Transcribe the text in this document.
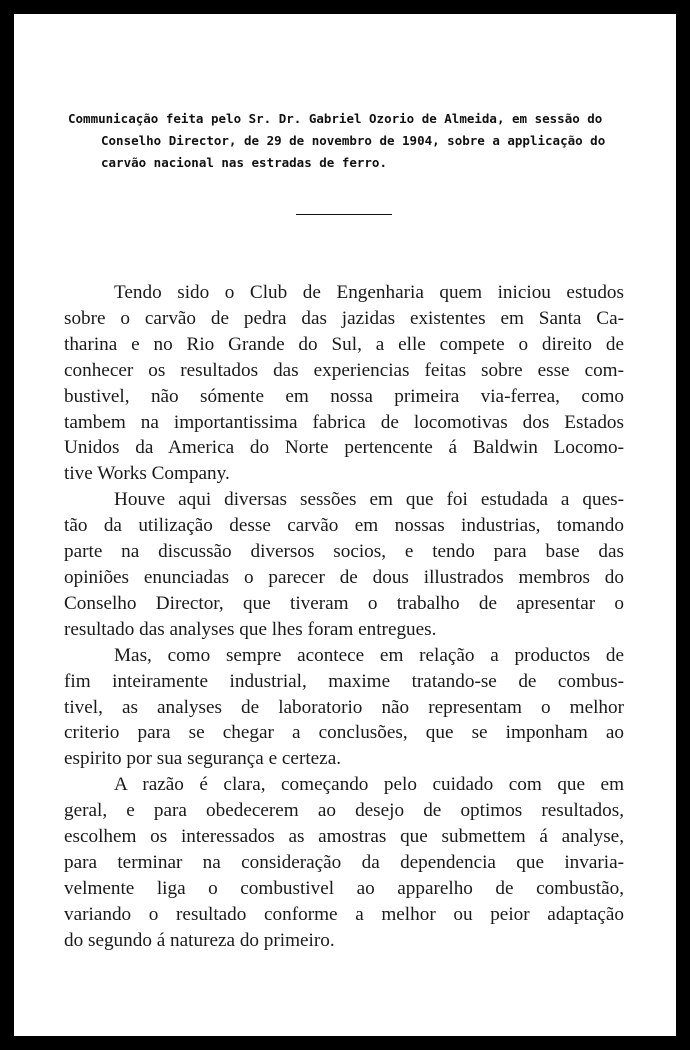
Communicação feita pelo Sr. Dr. Gabriel Ozorio de Almeida, em sessão do
Conselho Director, de 29 de novembro de 1904, sobre a applicação do
carvão nacional nas estradas de ferro.

Tendo sido o Club de Engenharia quem iniciou estudos
sobre o carvão de pedra das jazidas existentes em Santa Ca-
tharina e no Rio Grande do Sul, a elle compete o direito de
conhecer os resultados das experiencias feitas sobre esse com-
bustivel, não sómente em nossa primeira via-ferrea, como
tambem na importantissima fabrica de locomotivas dos Estados
Unidos da America do Norte pertencente á Baldwin Locomo-
tive Works Company.

Houve aqui diversas sessões em que foi estudada a ques-
tão da utilização desse carvão em nossas industrias, tomando
parte na discussão diversos socios, e tendo para base das
opiniões enunciadas o parecer de dous illustrados membros do
Conselho Director, que tiveram o trabalho de apresentar o
resultado das analyses que lhes foram entregues.

Mas, como sempre acontece em relação a productos de
fim inteiramente industrial, maxime tratando-se de combus-
tivel, as analyses de laboratorio não representam o melhor
criterio para se chegar a conclusões, que se imponham ao
espirito por sua segurança e certeza.

A razão é clara, começando pelo cuidado com que em
geral, e para obedecerem ao desejo de optimos resultados,
escolhem os interessados as amostras que submettem á analyse,
para terminar na consideração da dependencia que invaria-
velmente liga o combustivel ao apparelho de combustão,
variando o resultado conforme a melhor ou peior adaptação
do segundo á natureza do primeiro.
